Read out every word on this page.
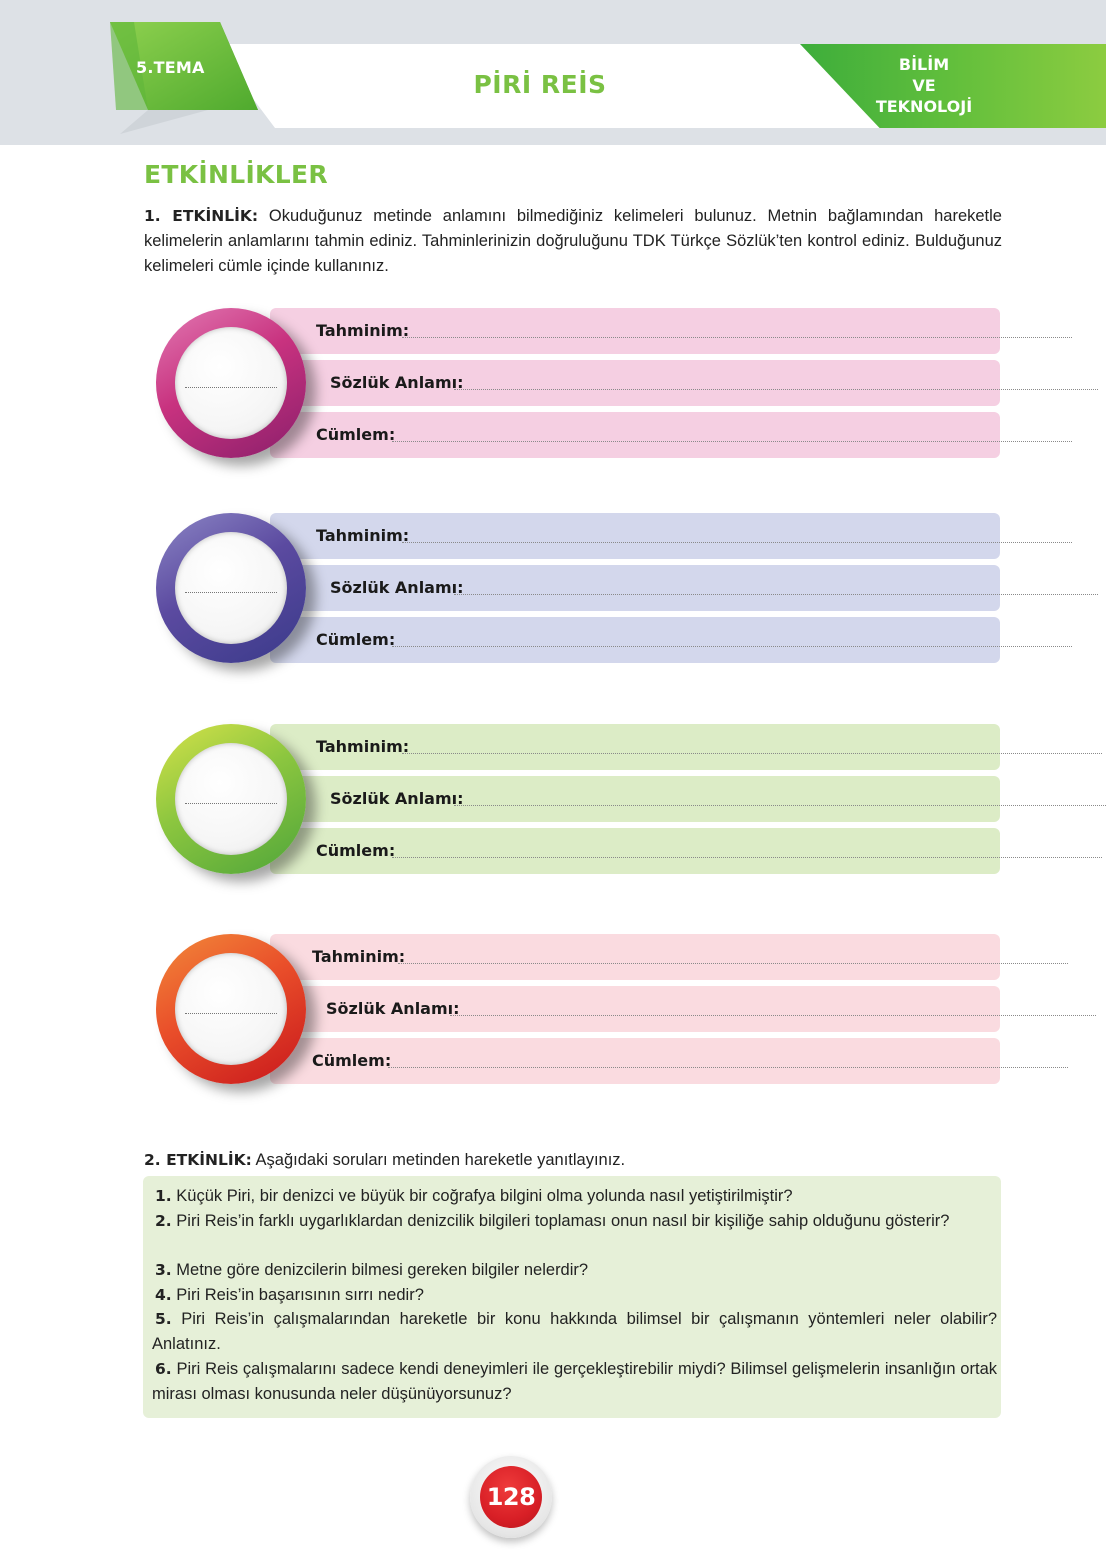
5.TEMA
PİRİ REİS
BİLİM
VE
TEKNOLOJİ
ETKİNLİKLER
1. ETKİNLİK: Okuduğunuz metinde anlamını bilmediğiniz kelimeleri bulunuz. Metnin bağlamından hareketle kelimelerin anlamlarını tahmin ediniz. Tahminlerinizin doğruluğunu TDK Türkçe Sözlük’ten kontrol ediniz. Bulduğunuz kelimeleri cümle içinde kullanınız.
Tahminim:
Sözlük Anlamı:
Cümlem:
Tahminim:
Sözlük Anlamı:
Cümlem:
Tahminim:
Sözlük Anlamı:
Cümlem:
Tahminim:
Sözlük Anlamı:
Cümlem:
2. ETKİNLİK: Aşağıdaki soruları metinden hareketle yanıtlayınız.
1. Küçük Piri, bir denizci ve büyük bir coğrafya bilgini olma yolunda nasıl yetiştirilmiştir?
2. Piri Reis’in farklı uygarlıklardan denizcilik bilgileri toplaması onun nasıl bir kişiliğe sahip olduğunu gösterir?
3. Metne göre denizcilerin bilmesi gereken bilgiler nelerdir?
4. Piri Reis’in başarısının sırrı nedir?
5. Piri Reis’in çalışmalarından hareketle bir konu hakkında bilimsel bir çalışmanın yöntemleri neler olabilir? Anlatınız.
6. Piri Reis çalışmalarını sadece kendi deneyimleri ile gerçekleştirebilir miydi? Bilimsel gelişmelerin insanlığın ortak mirası olması konusunda neler düşünüyorsunuz?
128
